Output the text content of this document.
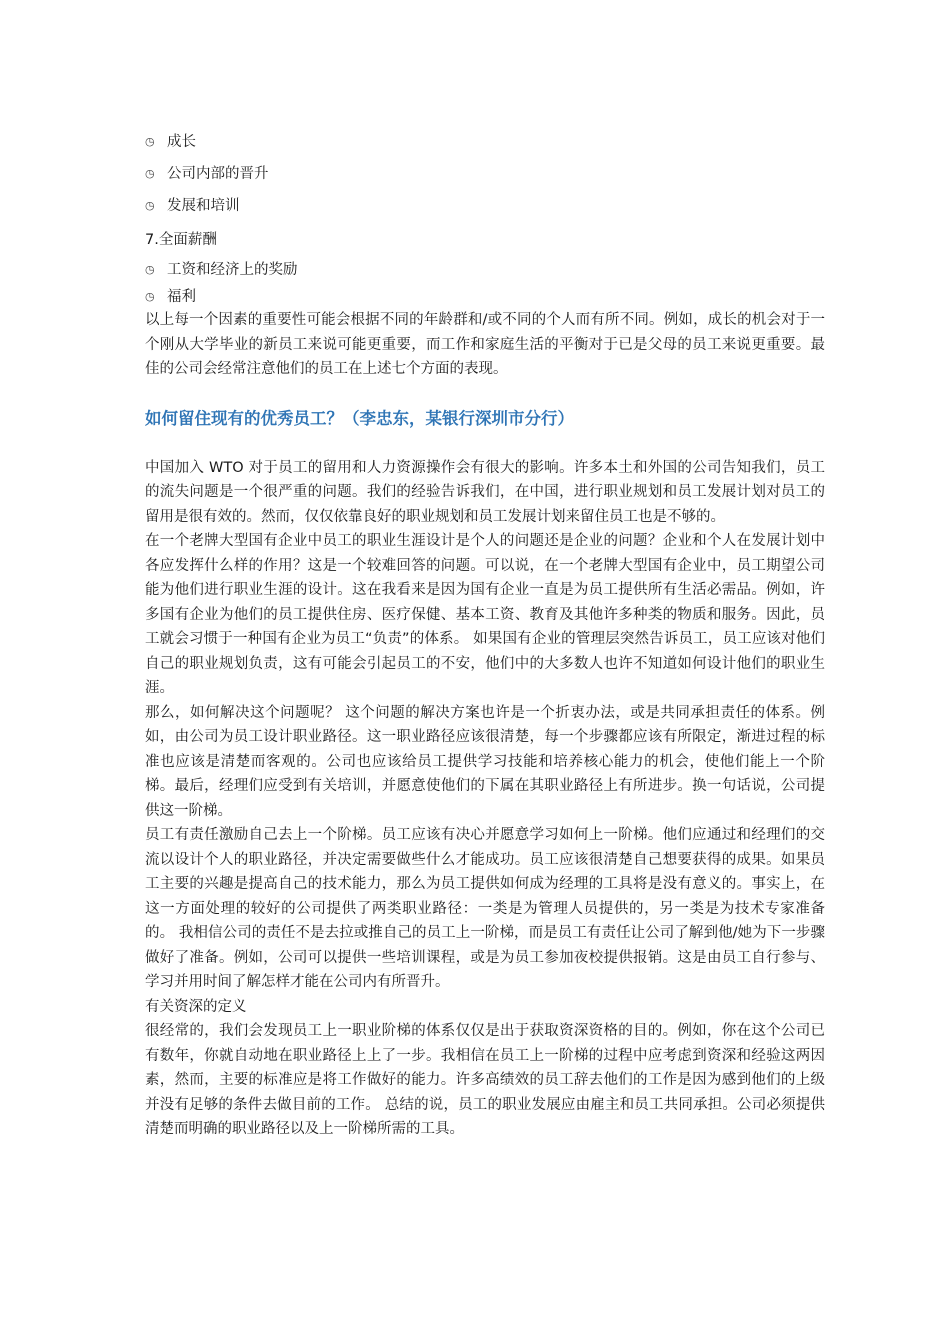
◷ 成长
◷ 公司内部的晋升
◷ 发展和培训
7.全面薪酬
◷ 工资和经济上的奖励
◷ 福利

以上每一个因素的重要性可能会根据不同的年龄群和/或不同的个人而有所不同。例如，成长的机会对于一个刚从大学毕业的新员工来说可能更重要，而工作和家庭生活的平衡对于已是父母的员工来说更重要。最佳的公司会经常注意他们的员工在上述七个方面的表现。

如何留住现有的优秀员工？（李忠东，某银行深圳市分行）

中国加入 WTO 对于员工的留用和人力资源操作会有很大的影响。许多本土和外国的公司告知我们，员工的流失问题是一个很严重的问题。我们的经验告诉我们，在中国，进行职业规划和员工发展计划对员工的留用是很有效的。然而，仅仅依靠良好的职业规划和员工发展计划来留住员工也是不够的。

在一个老牌大型国有企业中员工的职业生涯设计是个人的问题还是企业的问题？企业和个人在发展计划中各应发挥什么样的作用？这是一个较难回答的问题。可以说，在一个老牌大型国有企业中，员工期望公司能为他们进行职业生涯的设计。这在我看来是因为国有企业一直是为员工提供所有生活必需品。例如，许多国有企业为他们的员工提供住房、医疗保健、基本工资、教育及其他许多种类的物质和服务。因此，员工就会习惯于一种国有企业为员工“负责”的体系。 如果国有企业的管理层突然告诉员工，员工应该对他们自己的职业规划负责，这有可能会引起员工的不安，他们中的大多数人也许不知道如何设计他们的职业生涯。

那么，如何解决这个问题呢？ 这个问题的解决方案也许是一个折衷办法，或是共同承担责任的体系。例如，由公司为员工设计职业路径。这一职业路径应该很清楚，每一个步骤都应该有所限定，渐进过程的标准也应该是清楚而客观的。公司也应该给员工提供学习技能和培养核心能力的机会，使他们能上一个阶梯。最后，经理们应受到有关培训，并愿意使他们的下属在其职业路径上有所进步。换一句话说，公司提供这一阶梯。

员工有责任激励自己去上一个阶梯。员工应该有决心并愿意学习如何上一阶梯。他们应通过和经理们的交流以设计个人的职业路径，并决定需要做些什么才能成功。员工应该很清楚自己想要获得的成果。如果员工主要的兴趣是提高自己的技术能力，那么为员工提供如何成为经理的工具将是没有意义的。事实上，在这一方面处理的较好的公司提供了两类职业路径：一类是为管理人员提供的，另一类是为技术专家准备的。 我相信公司的责任不是去拉或推自己的员工上一阶梯，而是员工有责任让公司了解到他/她为下一步骤做好了准备。例如，公司可以提供一些培训课程，或是为员工参加夜校提供报销。这是由员工自行参与、学习并用时间了解怎样才能在公司内有所晋升。

有关资深的定义

很经常的，我们会发现员工上一职业阶梯的体系仅仅是出于获取资深资格的目的。例如，你在这个公司已有数年，你就自动地在职业路径上上了一步。我相信在员工上一阶梯的过程中应考虑到资深和经验这两因素，然而，主要的标准应是将工作做好的能力。许多高绩效的员工辞去他们的工作是因为感到他们的上级并没有足够的条件去做目前的工作。 总结的说，员工的职业发展应由雇主和员工共同承担。公司必须提供清楚而明确的职业路径以及上一阶梯所需的工具。
